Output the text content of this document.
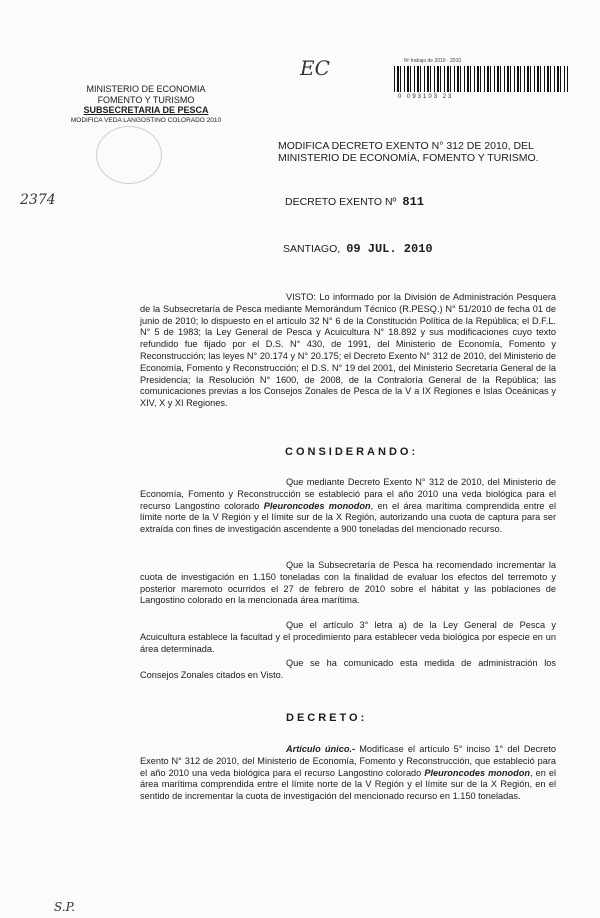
EC
2374
S.P.
Nº trabajo de 2010 · 2010
0 093103 23
MINISTERIO DE ECONOMIA
FOMENTO Y TURISMO
SUBSECRETARIA DE PESCA
MODIFICA VEDA LANGOSTINO COLORADO 2010
MODIFICA DECRETO EXENTO N° 312 DE 2010, DEL MINISTERIO DE ECONOMÍA, FOMENTO Y TURISMO.
DECRETO EXENTO Nº 811
SANTIAGO, 09 JUL. 2010
VISTO: Lo informado por la División de Administración Pesquera de la Subsecretaría de Pesca mediante Memorándum Técnico (R.PESQ.) N° 51/2010 de fecha 01 de junio de 2010; lo dispuesto en el artículo 32 N° 6 de la Constitución Política de la República; el D.F.L. N° 5 de 1983; la Ley General de Pesca y Acuicultura N° 18.892 y sus modificaciones cuyo texto refundido fue fijado por el D.S. N° 430, de 1991, del Ministerio de Economía, Fomento y Reconstrucción; las leyes N° 20.174 y N° 20.175; el Decreto Exento N° 312 de 2010, del Ministerio de Economía, Fomento y Reconstrucción; el D.S. N° 19 del 2001, del Ministerio Secretaría General de la Presidencia; la Resolución N° 1600, de 2008, de la Contraloría General de la República; las comunicaciones previas a los Consejos Zonales de Pesca de la V a IX Regiones e Islas Oceánicas y XIV, X y XI Regiones.
CONSIDERANDO:
Que mediante Decreto Exento N° 312 de 2010, del Ministerio de Economía, Fomento y Reconstrucción se estableció para el año 2010 una veda biológica para el recurso Langostino colorado Pleuroncodes monodon, en el área marítima comprendida entre el límite norte de la V Región y el límite sur de la X Región, autorizando una cuota de captura para ser extraída con fines de investigación ascendente a 900 toneladas del mencionado recurso.
Que la Subsecretaría de Pesca ha recomendado incrementar la cuota de investigación en 1.150 toneladas con la finalidad de evaluar los efectos del terremoto y posterior maremoto ocurridos el 27 de febrero de 2010 sobre el hábitat y las poblaciones de Langostino colorado en la mencionada área marítima.
Que el artículo 3° letra a) de la Ley General de Pesca y Acuicultura establece la facultad y el procedimiento para establecer veda biológica por especie en un área determinada.
Que se ha comunicado esta medida de administración los Consejos Zonales citados en Visto.
DECRETO:
Artículo único.- Modifícase el artículo 5° inciso 1° del Decreto Exento N° 312 de 2010, del Ministerio de Economía, Fomento y Reconstrucción, que estableció para el año 2010 una veda biológica para el recurso Langostino colorado Pleuroncodes monodon, en el área marítima comprendida entre el límite norte de la V Región y el límite sur de la X Región, en el sentido de incrementar la cuota de investigación del mencionado recurso en 1.150 toneladas.
